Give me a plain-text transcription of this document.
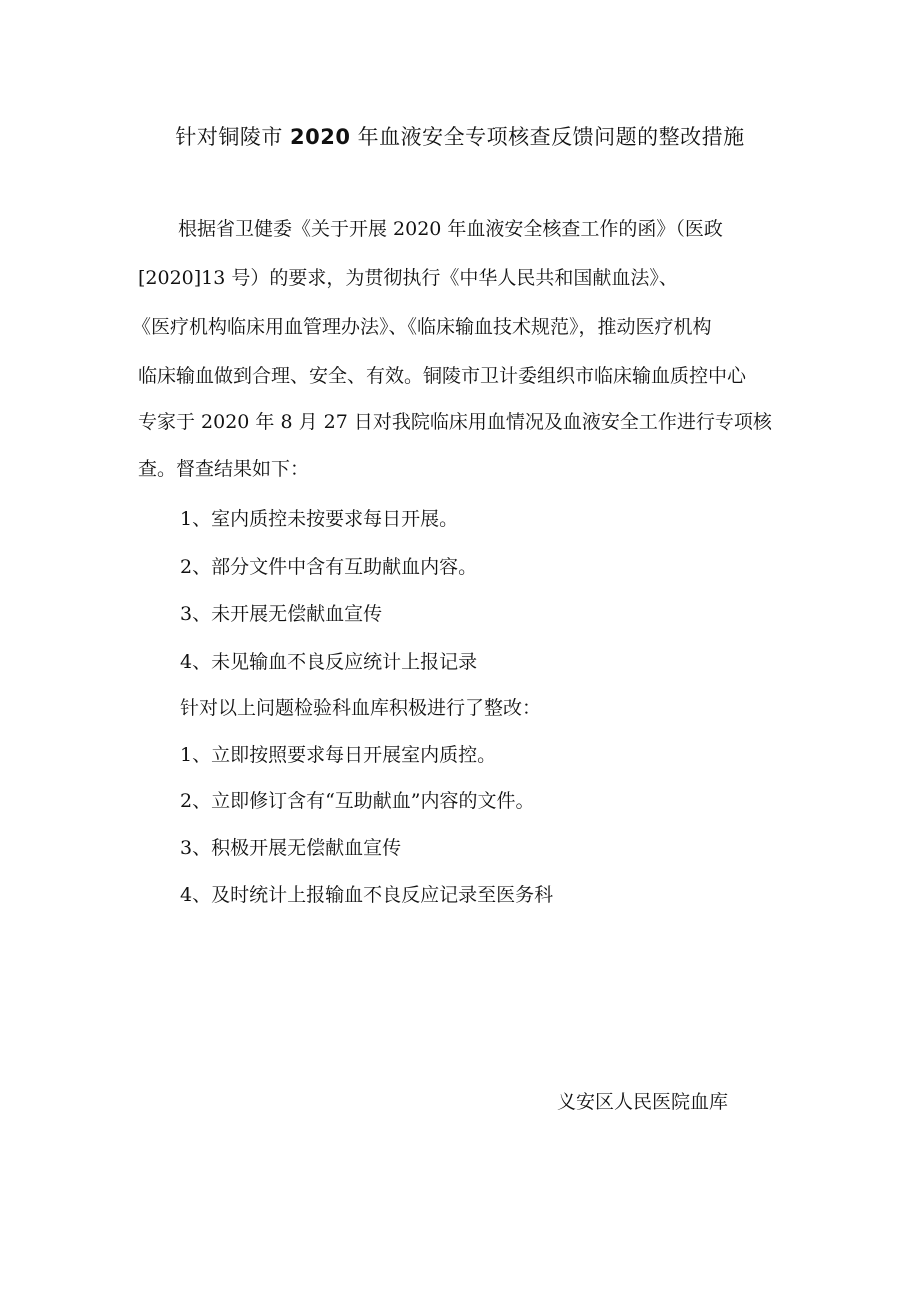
针对铜陵市 2020 年血液安全专项核查反馈问题的整改措施
根据省卫健委《关于开展 2020 年血液安全核查工作的函》（医政
[2020]13 号）的要求，为贯彻执行《中华人民共和国献血法》、
《医疗机构临床用血管理办法》、《临床输血技术规范》，推动医疗机构
临床输血做到合理、安全、有效。铜陵市卫计委组织市临床输血质控中心
专家于 2020 年 8 月 27 日对我院临床用血情况及血液安全工作进行专项核
查。督查结果如下：
1、室内质控未按要求每日开展。
2、部分文件中含有互助献血内容。
3、未开展无偿献血宣传
4、未见输血不良反应统计上报记录
针对以上问题检验科血库积极进行了整改：
1、立即按照要求每日开展室内质控。
2、立即修订含有“互助献血”内容的文件。
3、积极开展无偿献血宣传
4、及时统计上报输血不良反应记录至医务科
义安区人民医院血库
